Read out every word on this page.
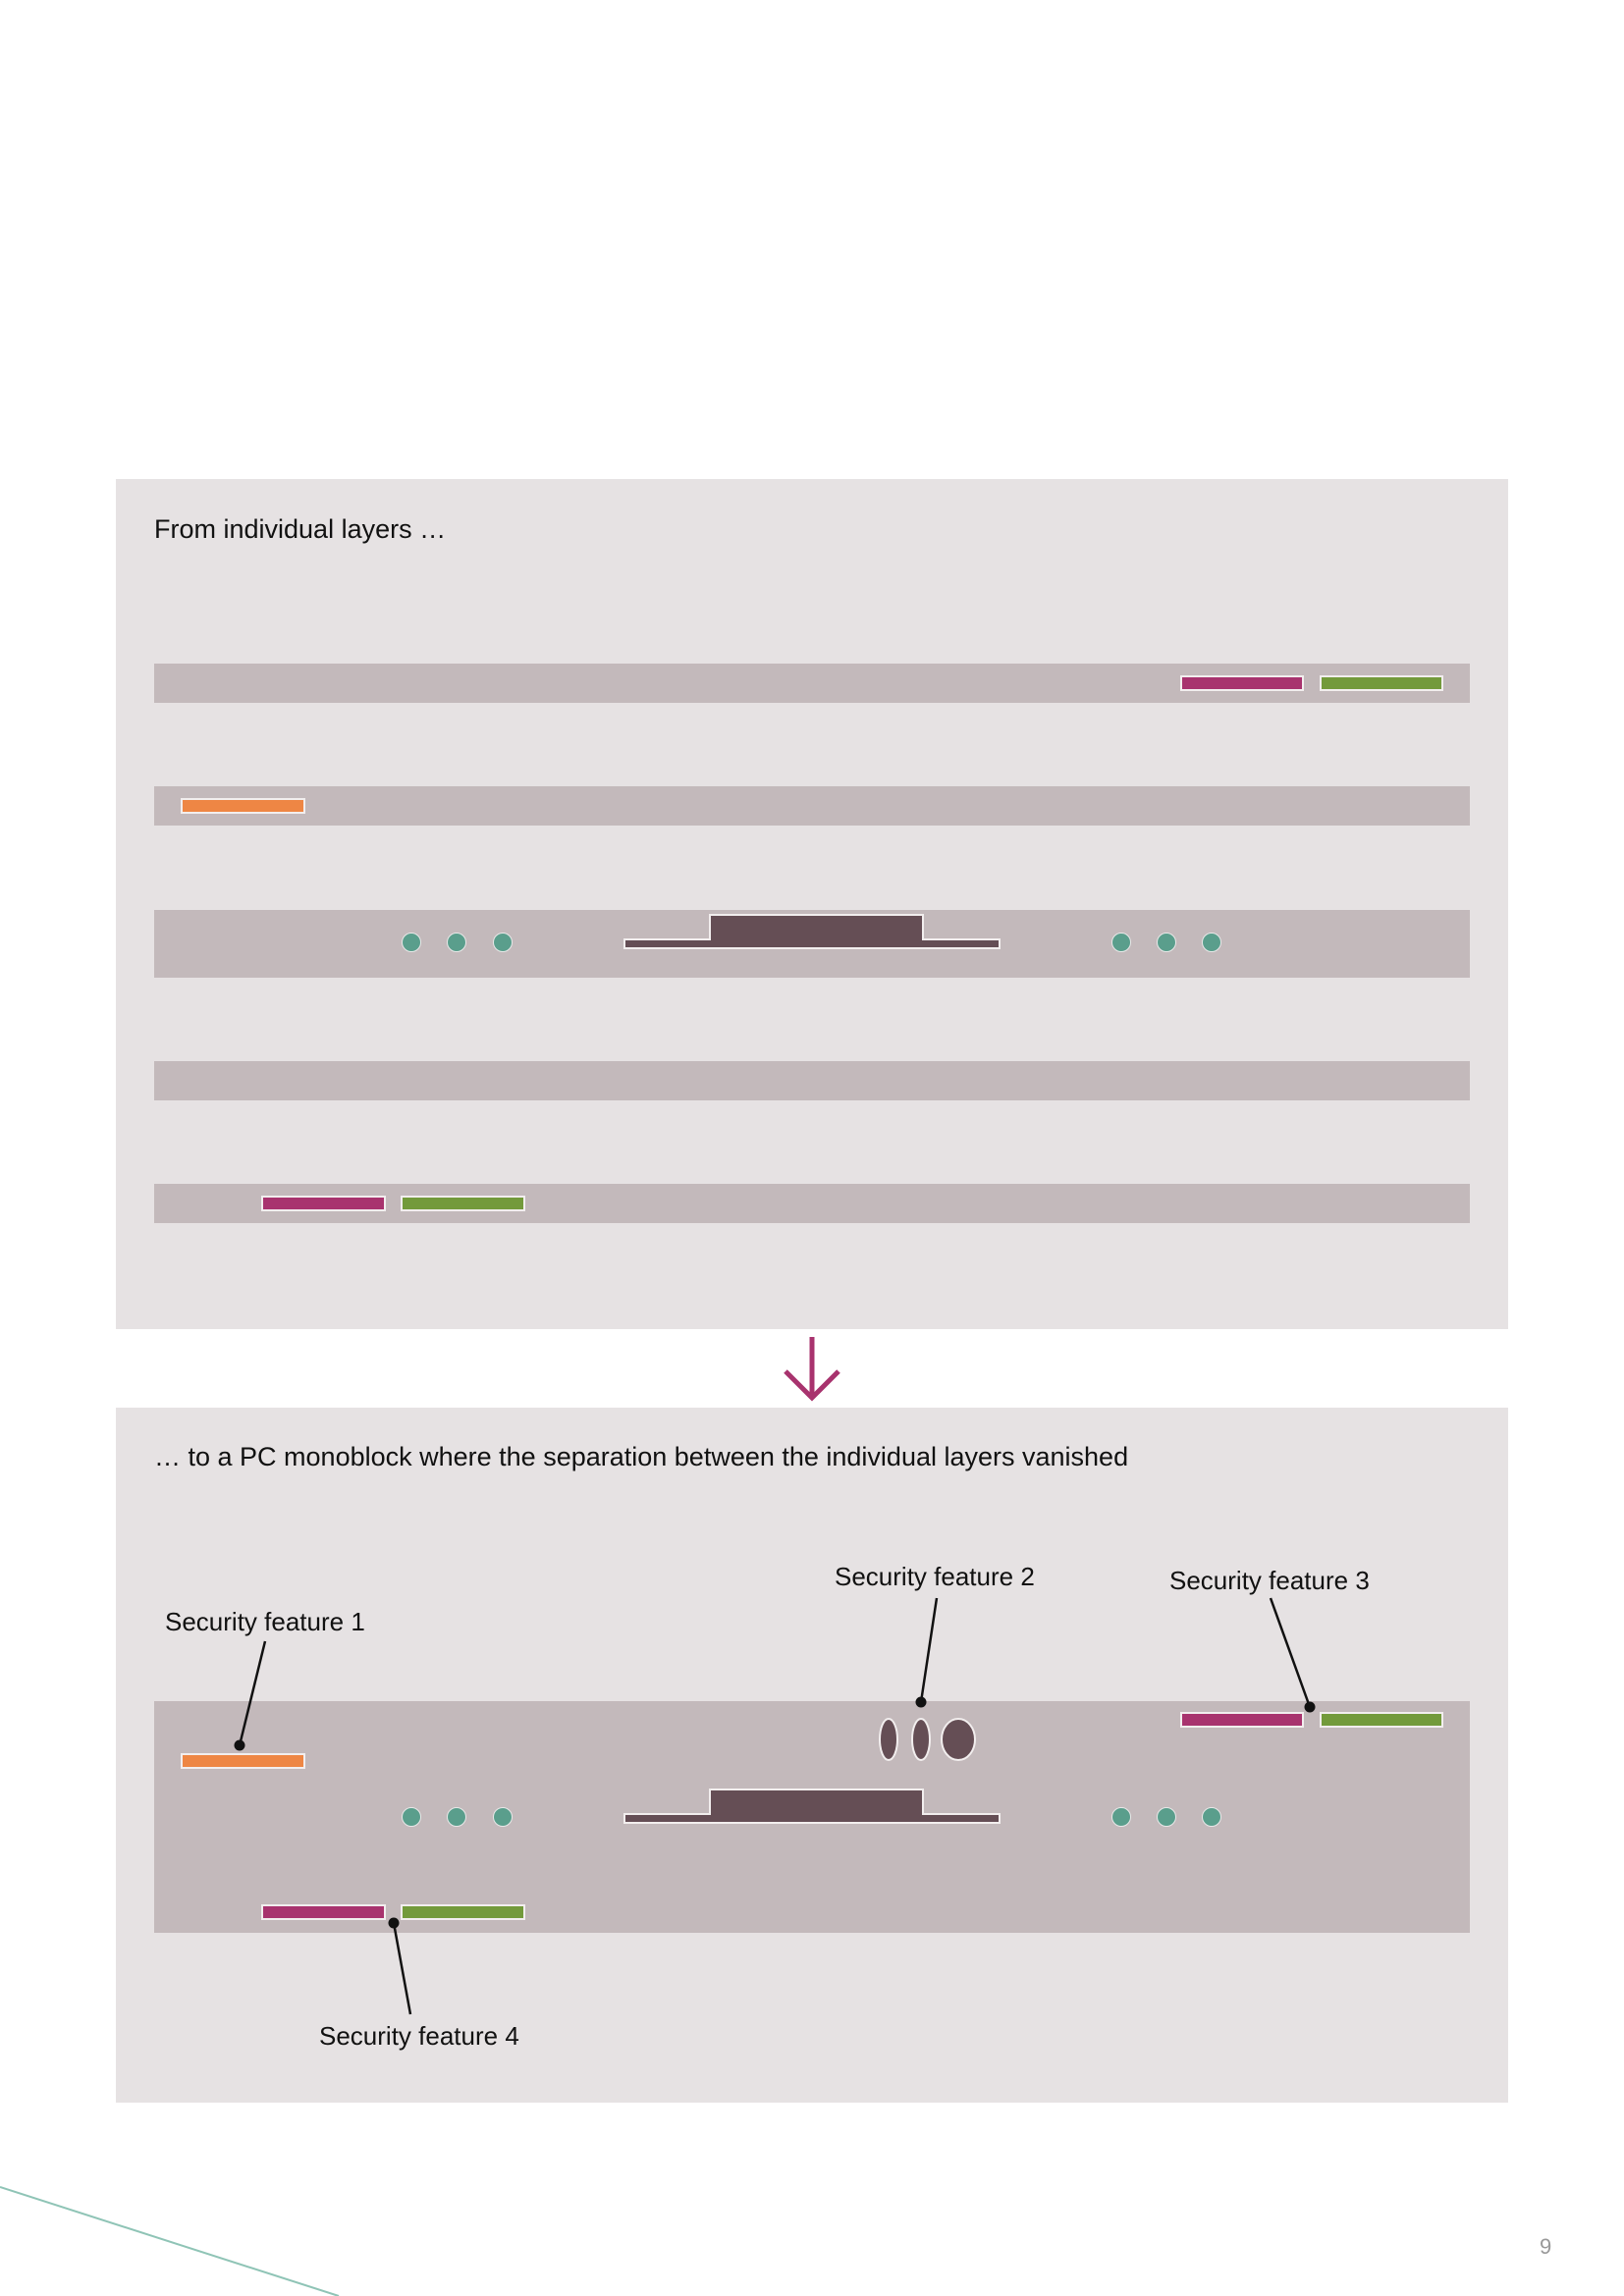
From individual layers …
… to a PC monoblock where the separation between the individual layers vanished
Security feature 1
Security feature 2	Security feature 3
Security feature 4
9
